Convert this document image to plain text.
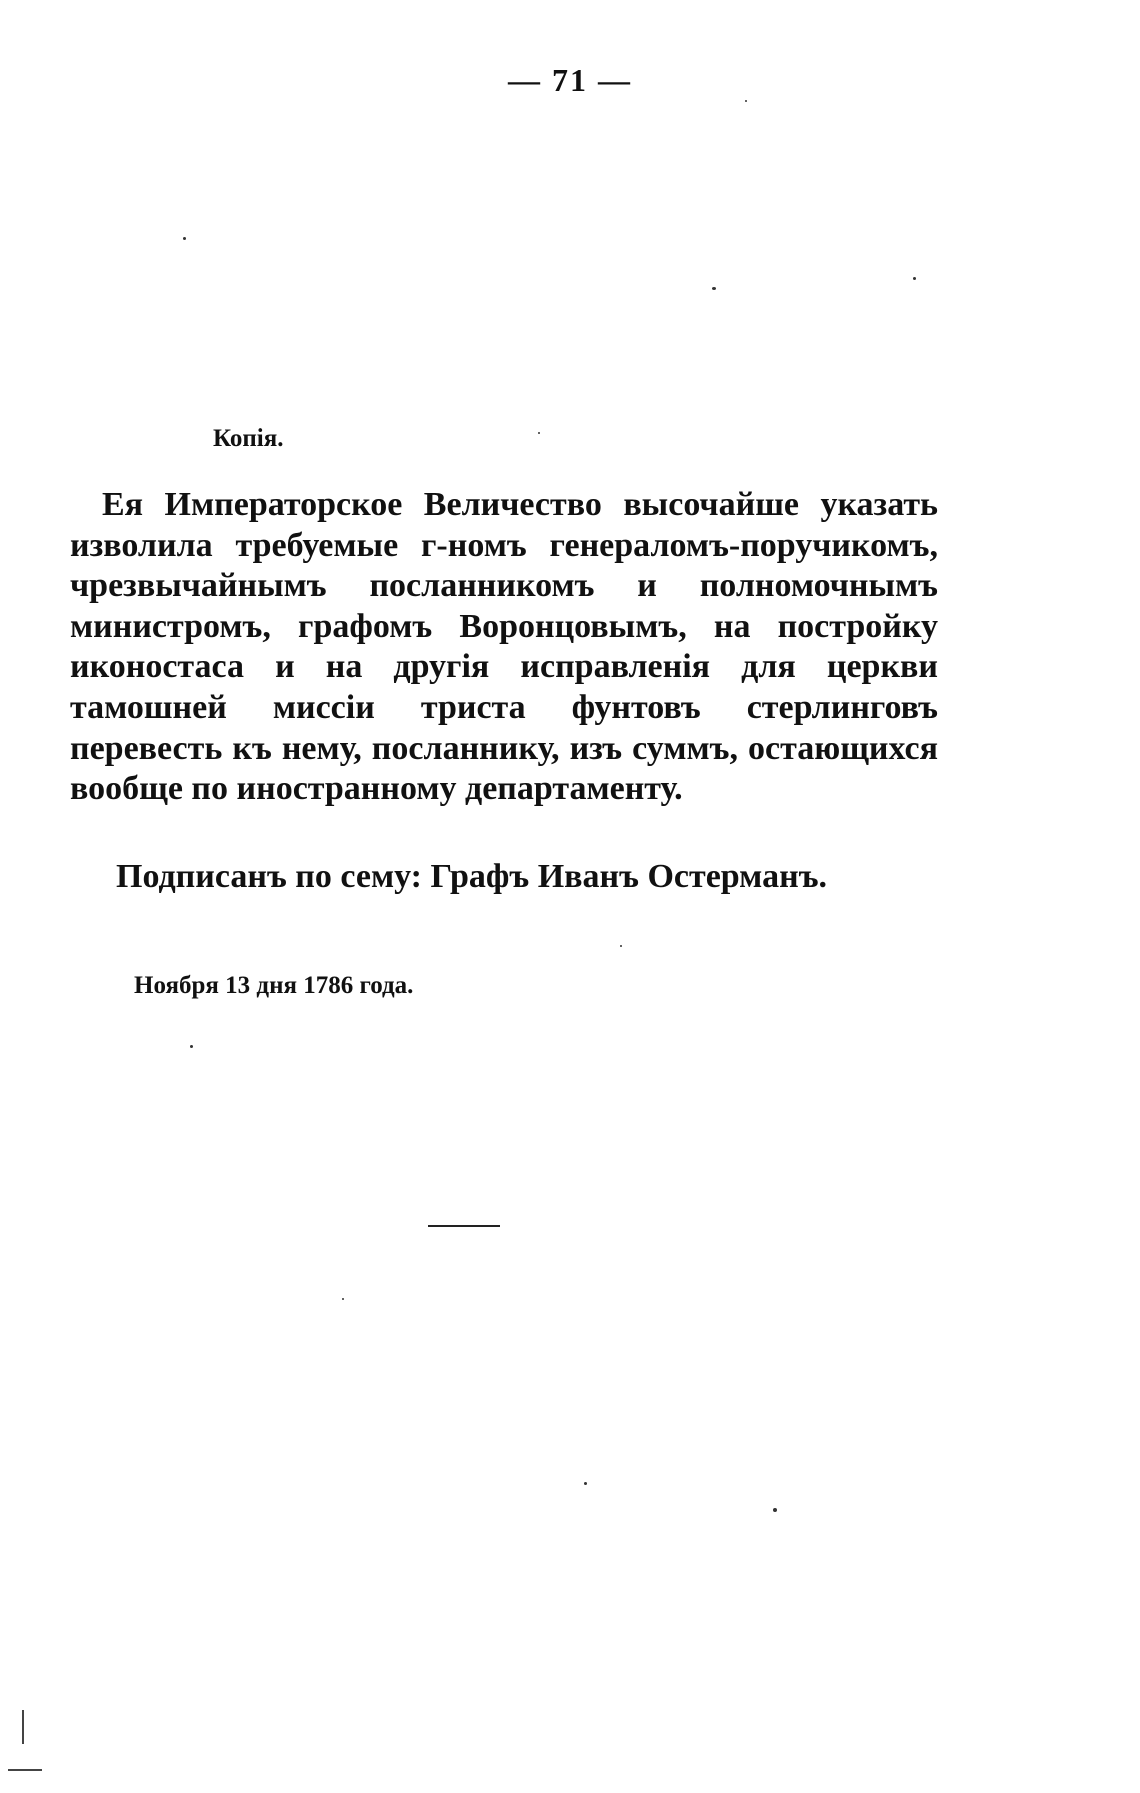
— 71 —
Копія.

Ея Императорское Величество высочайше указать изволила требуемые г-номъ генераломъ-поручикомъ, чрезвычайнымъ посланникомъ и полномочнымъ министромъ, графомъ Воронцовымъ, на постройку иконостаса и на другія исправленія для церкви тамошней миссіи триста фунтовъ стерлинговъ перевесть къ нему, посланнику, изъ суммъ, остающихся вообще по иностранному департаменту.

Подписанъ по сему: Графъ Иванъ Остерманъ.
Ноября 13 дня 1786 года.
